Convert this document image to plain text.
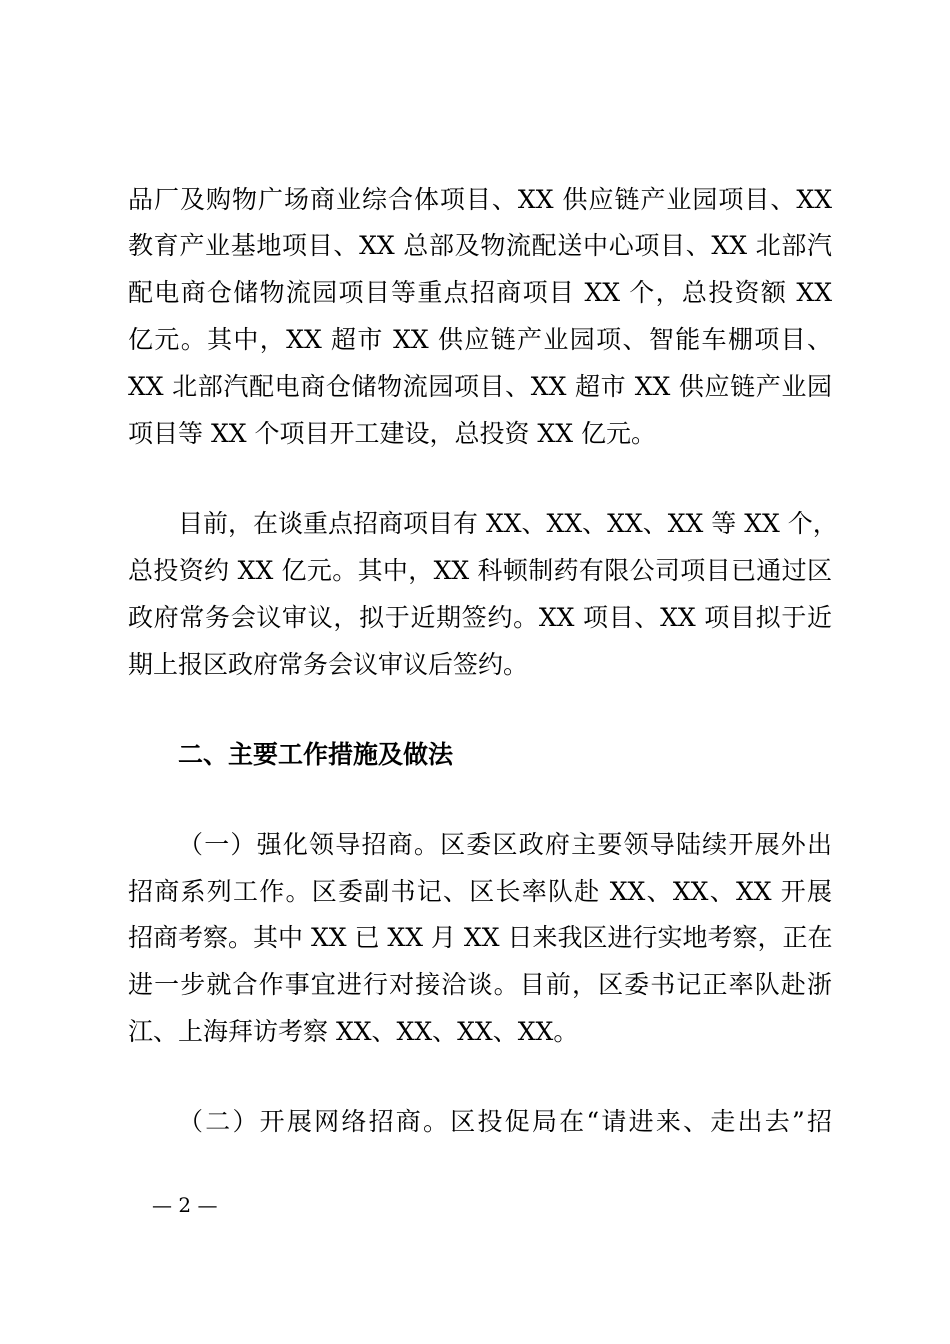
品厂及购物广场商业综合体项目、XX 供应链产业园项目、XX
教育产业基地项目、XX 总部及物流配送中心项目、XX 北部汽
配电商仓储物流园项目等重点招商项目 XX 个，总投资额 XX
亿元。其中，XX 超市 XX 供应链产业园项、智能车棚项目、
XX 北部汽配电商仓储物流园项目、XX 超市 XX 供应链产业园
项目等 XX 个项目开工建设，总投资 XX 亿元。
目前，在谈重点招商项目有 XX、XX、XX、XX 等 XX 个，
总投资约 XX 亿元。其中，XX 科顿制药有限公司项目已通过区
政府常务会议审议，拟于近期签约。XX 项目、XX 项目拟于近
期上报区政府常务会议审议后签约。
二、主要工作措施及做法
（一）强化领导招商。区委区政府主要领导陆续开展外出
招商系列工作。区委副书记、区长率队赴 XX、XX、XX 开展
招商考察。其中 XX 已 XX 月 XX 日来我区进行实地考察，正在
进一步就合作事宜进行对接洽谈。目前，区委书记正率队赴浙
江、上海拜访考察 XX、XX、XX、XX。
（二）开展网络招商。区投促局在“请进来、走出去”招
— 2 —
